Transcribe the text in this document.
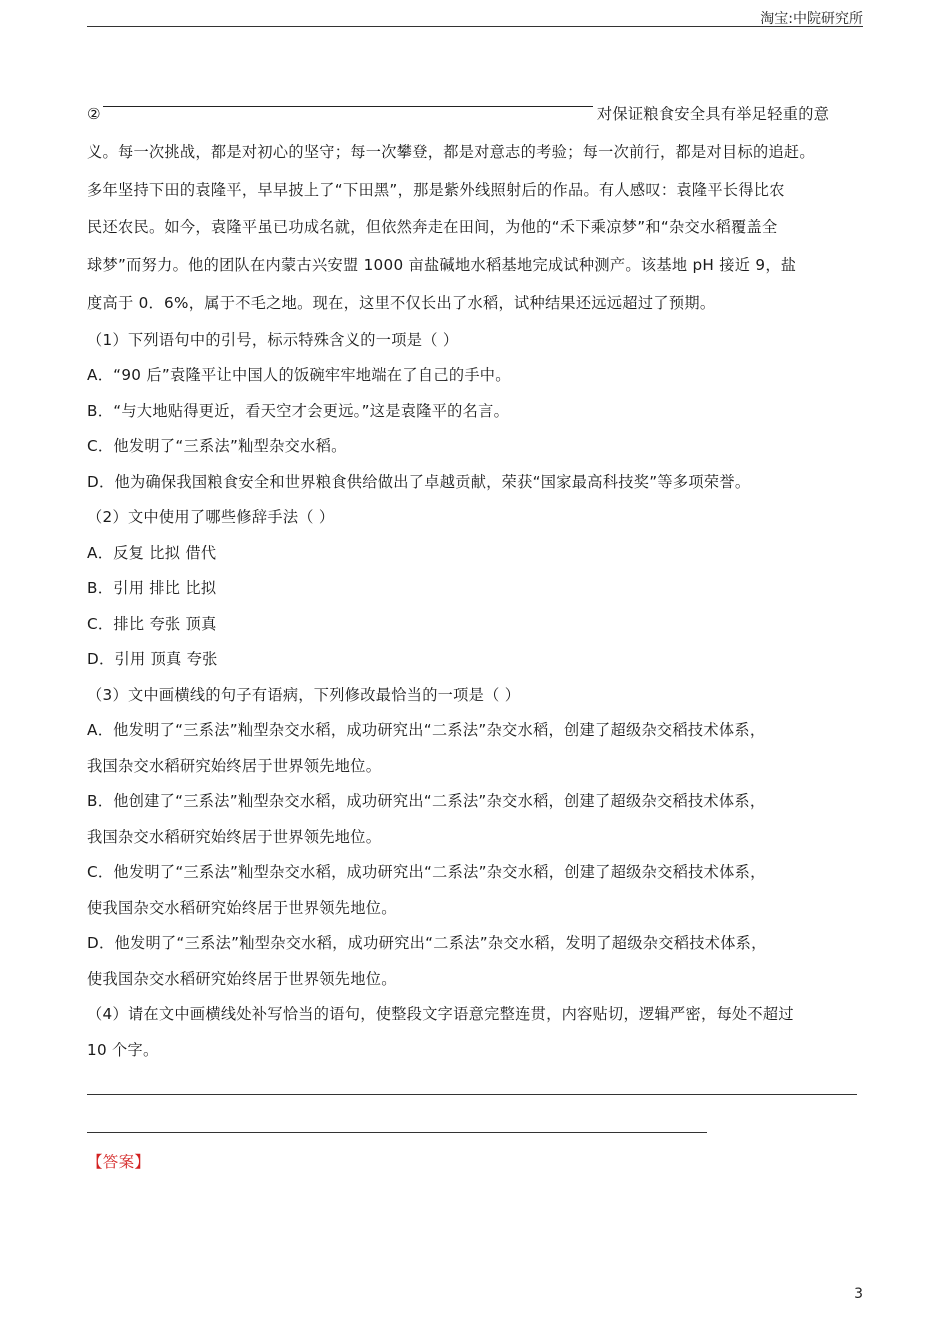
淘宝:中院研究所
②	对保证粮食安全具有举足轻重的意
义。每一次挑战，都是对初心的坚守；每一次攀登，都是对意志的考验；每一次前行，都是对目标的追赶。
多年坚持下田的袁隆平，早早披上了“下田黑”，那是紫外线照射后的作品。有人感叹：袁隆平长得比农
民还农民。如今，袁隆平虽已功成名就，但依然奔走在田间，为他的“禾下乘凉梦”和“杂交水稻覆盖全
球梦”而努力。他的团队在内蒙古兴安盟 1000 亩盐碱地水稻基地完成试种测产。该基地 pH 接近 9，盐
度高于 0．6%，属于不毛之地。现在，这里不仅长出了水稻，试种结果还远远超过了预期。
（1）下列语句中的引号，标示特殊含义的一项是（ ）
A．“90 后”袁隆平让中国人的饭碗牢牢地端在了自己的手中。
B．“与大地贴得更近，看天空才会更远。”这是袁隆平的名言。
C．他发明了“三系法”籼型杂交水稻。
D．他为确保我国粮食安全和世界粮食供给做出了卓越贡献，荣获“国家最高科技奖”等多项荣誉。
（2）文中使用了哪些修辞手法（ ）
A．反复 比拟 借代
B．引用 排比 比拟
C．排比 夸张 顶真
D．引用 顶真 夸张
（3）文中画横线的句子有语病，下列修改最恰当的一项是（ ）
A．他发明了“三系法”籼型杂交水稻，成功研究出“二系法”杂交水稻，创建了超级杂交稻技术体系，
我国杂交水稻研究始终居于世界领先地位。
B．他创建了“三系法”籼型杂交水稻，成功研究出“二系法”杂交水稻，创建了超级杂交稻技术体系，
我国杂交水稻研究始终居于世界领先地位。
C．他发明了“三系法”籼型杂交水稻，成功研究出“二系法”杂交水稻，创建了超级杂交稻技术体系，
使我国杂交水稻研究始终居于世界领先地位。
D．他发明了“三系法”籼型杂交水稻，成功研究出“二系法”杂交水稻，发明了超级杂交稻技术体系，
使我国杂交水稻研究始终居于世界领先地位。
（4）请在文中画横线处补写恰当的语句，使整段文字语意完整连贯，内容贴切，逻辑严密，每处不超过
10 个字。
【答案】
3
